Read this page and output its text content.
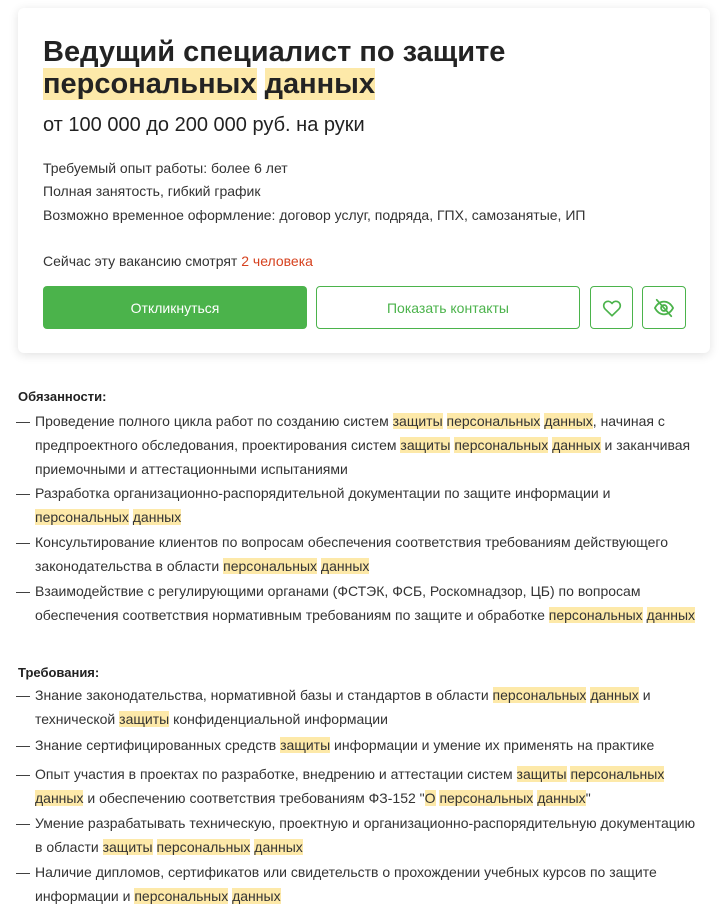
Ведущий специалист по защите
персональных данных
от 100 000 до 200 000 руб. на руки
Требуемый опыт работы: более 6 лет
Полная занятость, гибкий график
Возможно временное оформление: договор услуг, подряда, ГПХ, самозанятые, ИП
Сейчас эту вакансию смотрят 2 человека
Откликнуться	Показать контакты
Обязанности:
— Проведение полного цикла работ по созданию систем защиты персональных данных, начиная с предпроектного обследования, проектирования систем защиты персональных данных и заканчивая приемочными и аттестационными испытаниями
— Разработка организационно-распорядительной документации по защите информации и персональных данных
— Консультирование клиентов по вопросам обеспечения соответствия требованиям действующего законодательства в области персональных данных
— Взаимодействие с регулирующими органами (ФСТЭК, ФСБ, Роскомнадзор, ЦБ) по вопросам обеспечения соответствия нормативным требованиям по защите и обработке персональных данных
Требования:
— Знание законодательства, нормативной базы и стандартов в области персональных данных и технической защиты конфиденциальной информации
— Знание сертифицированных средств защиты информации и умение их применять на практике
— Опыт участия в проектах по разработке, внедрению и аттестации систем защиты персональных данных и обеспечению соответствия требованиям ФЗ-152 "О персональных данных"
— Умение разрабатывать техническую, проектную и организационно-распорядительную документацию в области защиты персональных данных
— Наличие дипломов, сертификатов или свидетельств о прохождении учебных курсов по защите информации и персональных данных
